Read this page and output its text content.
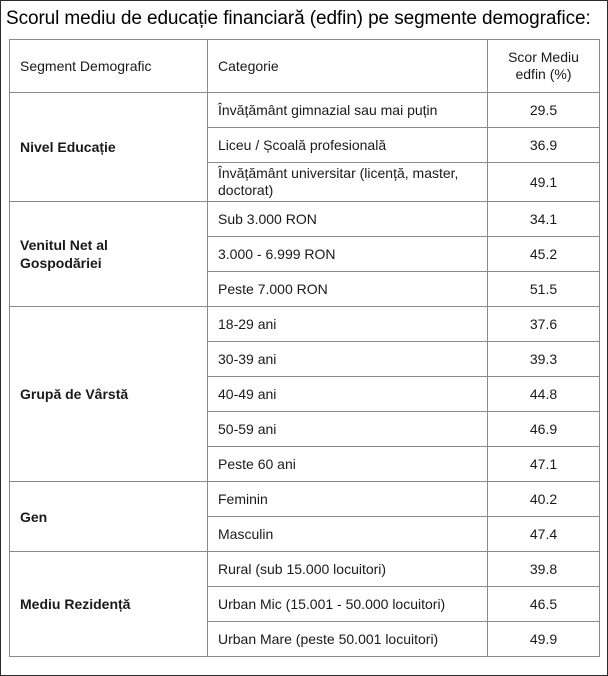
Scorul mediu de educație financiară (edfin) pe segmente demografice:
Segment Demografic	Categorie	Scor Mediu
edfin (%)

Nivel Educație	Învățământ gimnazial sau mai puțin	29.5
	Liceu / Școală profesională	36.9
	Învățământ universitar (licență, master, doctorat)	49.1
Venitul Net al
Gospodăriei	Sub 3.000 RON	34.1
	3.000 - 6.999 RON	45.2
	Peste 7.000 RON	51.5
Grupă de Vârstă	18-29 ani	37.6
	30-39 ani	39.3
	40-49 ani	44.8
	50-59 ani	46.9
	Peste 60 ani	47.1
Gen	Feminin	40.2
	Masculin	47.4
Mediu Rezidență	Rural (sub 15.000 locuitori)	39.8
	Urban Mic (15.001 - 50.000 locuitori)	46.5
	Urban Mare (peste 50.001 locuitori)	49.9
